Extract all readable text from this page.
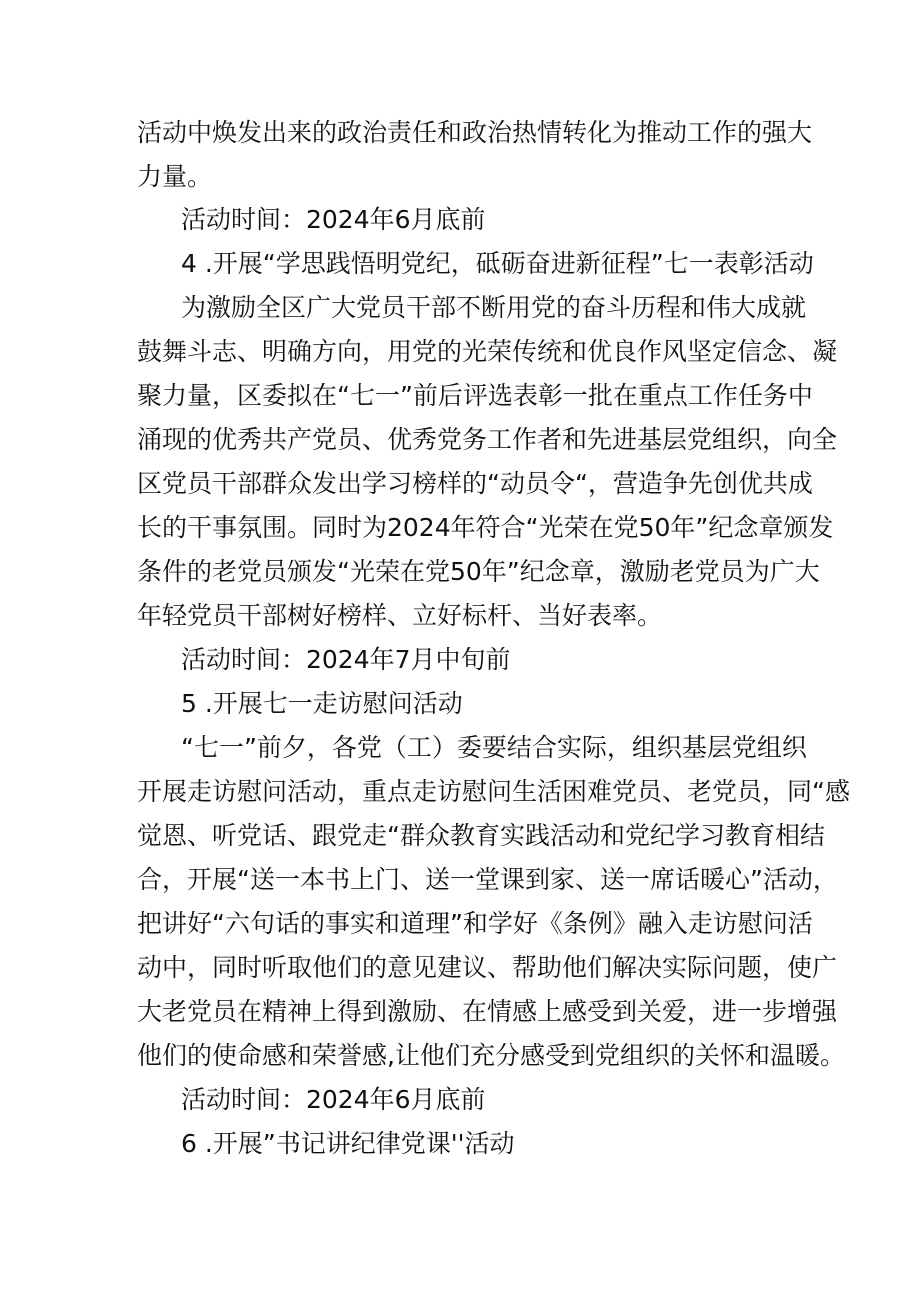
活动中焕发出来的政治责任和政治热情转化为推动工作的强大
力量。
活动时间：2024年6月底前
4 .开展“学思践悟明党纪，砥砺奋进新征程”七一表彰活动
为激励全区广大党员干部不断用党的奋斗历程和伟大成就
鼓舞斗志、明确方向，用党的光荣传统和优良作风坚定信念、凝
聚力量，区委拟在“七一”前后评选表彰一批在重点工作任务中
涌现的优秀共产党员、优秀党务工作者和先进基层党组织，向全
区党员干部群众发出学习榜样的“动员令“，营造争先创优共成
长的干事氛围。同时为2024年符合“光荣在党50年”纪念章颁发
条件的老党员颁发“光荣在党50年”纪念章，激励老党员为广大
年轻党员干部树好榜样、立好标杆、当好表率。
活动时间：2024年7月中旬前
5 .开展七一走访慰问活动
“七一”前夕，各党（工）委要结合实际，组织基层党组织
开展走访慰问活动，重点走访慰问生活困难党员、老党员，同“感
觉恩、听党话、跟党走“群众教育实践活动和党纪学习教育相结
合，开展“送一本书上门、送一堂课到家、送一席话暖心”活动，
把讲好“六句话的事实和道理”和学好《条例》融入走访慰问活
动中，同时听取他们的意见建议、帮助他们解决实际问题，使广
大老党员在精神上得到激励、在情感上感受到关爱，进一步增强
他们的使命感和荣誉感,让他们充分感受到党组织的关怀和温暖。
活动时间：2024年6月底前
6 .开展”书记讲纪律党课''活动
